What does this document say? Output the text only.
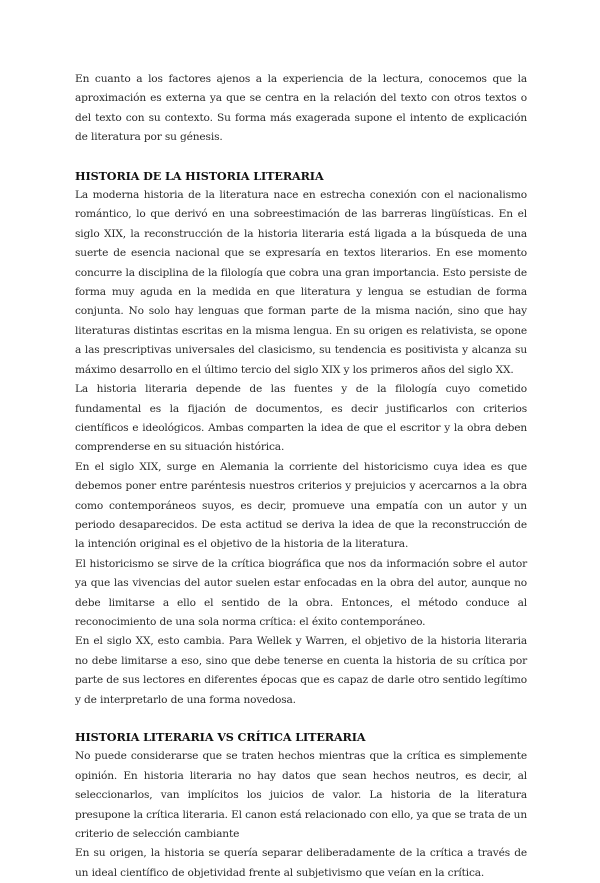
En cuanto a los factores ajenos a la experiencia de la lectura, conocemos que la aproximación es externa ya que se centra en la relación del texto con otros textos o del texto con su contexto. Su forma más exagerada supone el intento de explicación de literatura por su génesis.

HISTORIA DE LA HISTORIA LITERARIA

La moderna historia de la literatura nace en estrecha conexión con el nacionalismo romántico, lo que derivó en una sobreestimación de las barreras lingüísticas. En el siglo XIX, la reconstrucción de la historia literaria está ligada a la búsqueda de una suerte de esencia nacional que se expresaría en textos literarios. En ese momento concurre la disciplina de la filología que cobra una gran importancia. Esto persiste de forma muy aguda en la medida en que literatura y lengua se estudian de forma conjunta. No solo hay lenguas que forman parte de la misma nación, sino que hay literaturas distintas escritas en la misma lengua. En su origen es relativista, se opone a las prescriptivas universales del clasicismo, su tendencia es positivista y alcanza su máximo desarrollo en el último tercio del siglo XIX y los primeros años del siglo XX.

La historia literaria depende de las fuentes y de la filología cuyo cometido fundamental es la fijación de documentos, es decir justificarlos con criterios científicos e ideológicos. Ambas comparten la idea de que el escritor y la obra deben comprenderse en su situación histórica.

En el siglo XIX, surge en Alemania la corriente del historicismo cuya idea es que debemos poner entre paréntesis nuestros criterios y prejuicios y acercarnos a la obra como contemporáneos suyos, es decir, promueve una empatía con un autor y un periodo desaparecidos. De esta actitud se deriva la idea de que la reconstrucción de la intención original es el objetivo de la historia de la literatura.

El historicismo se sirve de la crítica biográfica que nos da información sobre el autor ya que las vivencias del autor suelen estar enfocadas en la obra del autor, aunque no debe limitarse a ello el sentido de la obra. Entonces, el método conduce al reconocimiento de una sola norma crítica: el éxito contemporáneo.

En el siglo XX, esto cambia. Para Wellek y Warren, el objetivo de la historia literaria no debe limitarse a eso, sino que debe tenerse en cuenta la historia de su crítica por parte de sus lectores en diferentes épocas que es capaz de darle otro sentido legítimo y de interpretarlo de una forma novedosa.

HISTORIA LITERARIA VS CRÍTICA LITERARIA

No puede considerarse que se traten hechos mientras que la crítica es simplemente opinión. En historia literaria no hay datos que sean hechos neutros, es decir, al seleccionarlos, van implícitos los juicios de valor. La historia de la literatura presupone la crítica literaria. El canon está relacionado con ello, ya que se trata de un criterio de selección cambiante

En su origen, la historia se quería separar deliberadamente de la crítica a través de un ideal científico de objetividad frente al subjetivismo que veían en la crítica.
